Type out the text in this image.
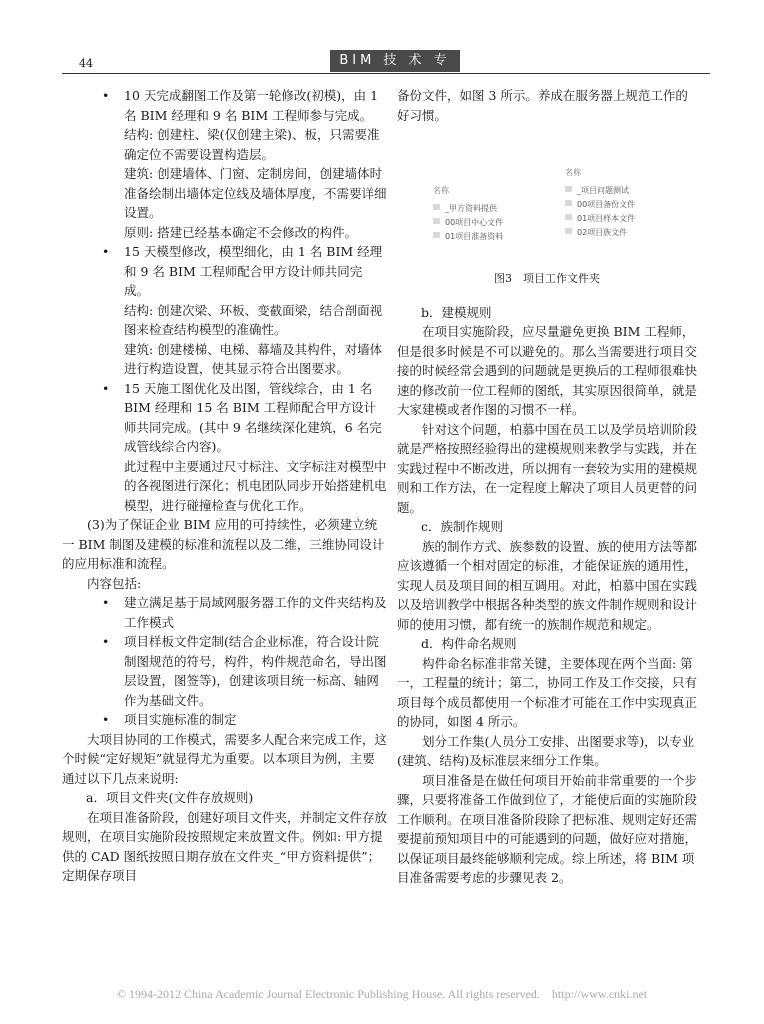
44	BIM 技 术 专 辑
• 10 天完成翻图工作及第一轮修改(初模)，由 1 名 BIM 经理和 9 名 BIM 工程师参与完成。
结构: 创建柱、梁(仅创建主梁)、板，只需要准确定位不需要设置构造层。
建筑: 创建墙体、门窗、定制房间，创建墙体时准备绘制出墙体定位线及墙体厚度，不需要详细设置。
原则: 搭建已经基本确定不会修改的构件。
• 15 天模型修改，模型细化，由 1 名 BIM 经理和 9 名 BIM 工程师配合甲方设计师共同完成。
结构: 创建次梁、环板、变截面梁，结合剖面视图来检查结构模型的准确性。
建筑: 创建楼梯、电梯、幕墙及其构件，对墙体进行构造设置，使其显示符合出图要求。
• 15 天施工图优化及出图，管线综合，由 1 名 BIM 经理和 15 名 BIM 工程师配合甲方设计师共同完成。(其中 9 名继续深化建筑，6 名完成管线综合内容)。
此过程中主要通过尺寸标注、文字标注对模型中的各视图进行深化；机电团队同步开始搭建机电模型，进行碰撞检查与优化工作。

(3)为了保证企业 BIM 应用的可持续性，必须建立统一 BIM 制图及建模的标准和流程以及二维，三维协同设计的应用标准和流程。

内容包括:

• 建立满足基于局域网服务器工作的文件夹结构及工作模式
• 项目样板文件定制(结合企业标准，符合设计院制图规范的符号，构件，构件规范命名，导出图层设置，图签等)，创建该项目统一标高、轴网作为基础文件。
• 项目实施标准的制定

大项目协同的工作模式，需要多人配合来完成工作，这个时候“定好规矩”就显得尤为重要。以本项目为例，主要通过以下几点来说明:

a．项目文件夹(文件存放规则)

在项目准备阶段，创建好项目文件夹，并制定文件存放规则，在项目实施阶段按照规定来放置文件。例如: 甲方提供的 CAD 图纸按照日期存放在文件夹_“甲方资料提供”；定期保存项目

备份文件，如图 3 所示。养成在服务器上规范工作的好习惯。

名称
_甲方资料提供
00项目中心文件
01项目准备资料
名称
_项目问题测试
00项目备份文件
01项目样本文件
02项目族文件
图3　项目工作文件夹

b．建模规则

在项目实施阶段，应尽量避免更换 BIM 工程师，但是很多时候是不可以避免的。那么当需要进行项目交接的时候经常会遇到的问题就是更换后的工程师很难快速的修改前一位工程师的图纸，其实原因很简单，就是大家建模或者作图的习惯不一样。

针对这个问题，柏慕中国在员工以及学员培训阶段就是严格按照经验得出的建模规则来教学与实践，并在实践过程中不断改进，所以拥有一套较为实用的建模规则和工作方法，在一定程度上解决了项目人员更替的问题。

c．族制作规则

族的制作方式、族参数的设置、族的使用方法等都应该遵循一个相对固定的标准，才能保证族的通用性，实现人员及项目间的相互调用。对此，柏慕中国在实践以及培训教学中根据各种类型的族文件制作规则和设计师的使用习惯，都有统一的族制作规范和规定。

d．构件命名规则

构件命名标准非常关键，主要体现在两个当面: 第一，工程量的统计；第二，协同工作及工作交接，只有项目每个成员都使用一个标准才可能在工作中实现真正的协同，如图 4 所示。

划分工作集(人员分工安排、出图要求等)，以专业(建筑、结构)及标准层来细分工作集。

项目准备是在做任何项目开始前非常重要的一个步骤，只要将准备工作做到位了，才能使后面的实施阶段工作顺利。在项目准备阶段除了把标准、规则定好还需要提前预知项目中的可能遇到的问题，做好应对措施，以保证项目最终能够顺利完成。综上所述，将 BIM 项目准备需要考虑的步骤见表 2。

© 1994-2012 China Academic Journal Electronic Publishing House. All rights reserved.　http://www.cnki.net
